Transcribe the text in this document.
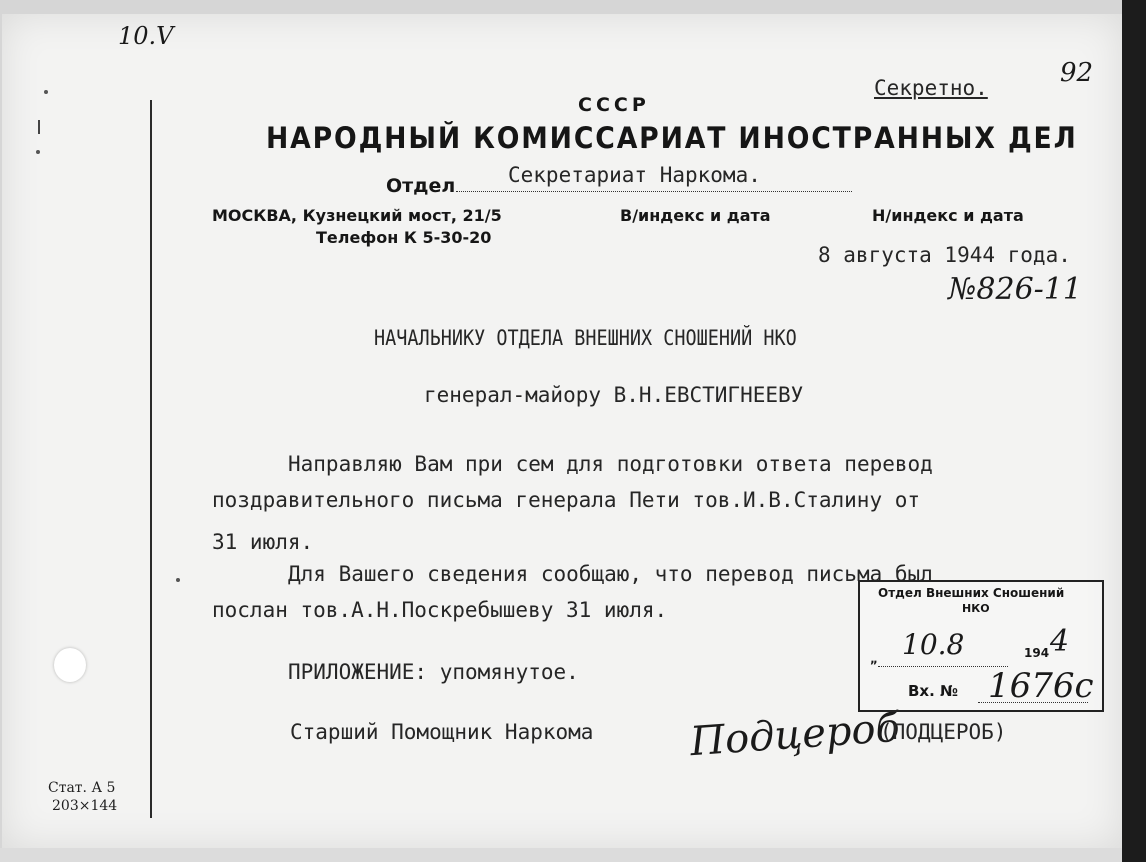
10.V
92
Секретно.
СССР
НАРОДНЫЙ КОМИССАРИАТ ИНОСТРАННЫХ ДЕЛ
Отдел	Секретариат Наркома.
МОСКВА, Кузнецкий мост, 21/5
Телефон К 5-30-20
В/индекс и дата	Н/индекс и дата
8 августа 1944 года.
№826-11
НАЧАЛЬНИКУ ОТДЕЛА ВНЕШНИХ СНОШЕНИЙ НКО
генерал-майору В.Н.ЕВСТИГНЕЕВУ
Направляю Вам при сем для подготовки ответа перевод
поздравительного письма генерала Пети тов.И.В.Сталину от
31 июля.
Для Вашего сведения сообщаю, что перевод письма был
послан тов.А.Н.Поскребышеву 31 июля.
ПРИЛОЖЕНИЕ: упомянутое.
Старший Помощник Наркома Подцероб
(ПОДЦЕРОБ)
Отдел Внешних Сношений
НКО
„ 10.8	194 4
Вх. № 1676с
Стат. А 5
203×144
